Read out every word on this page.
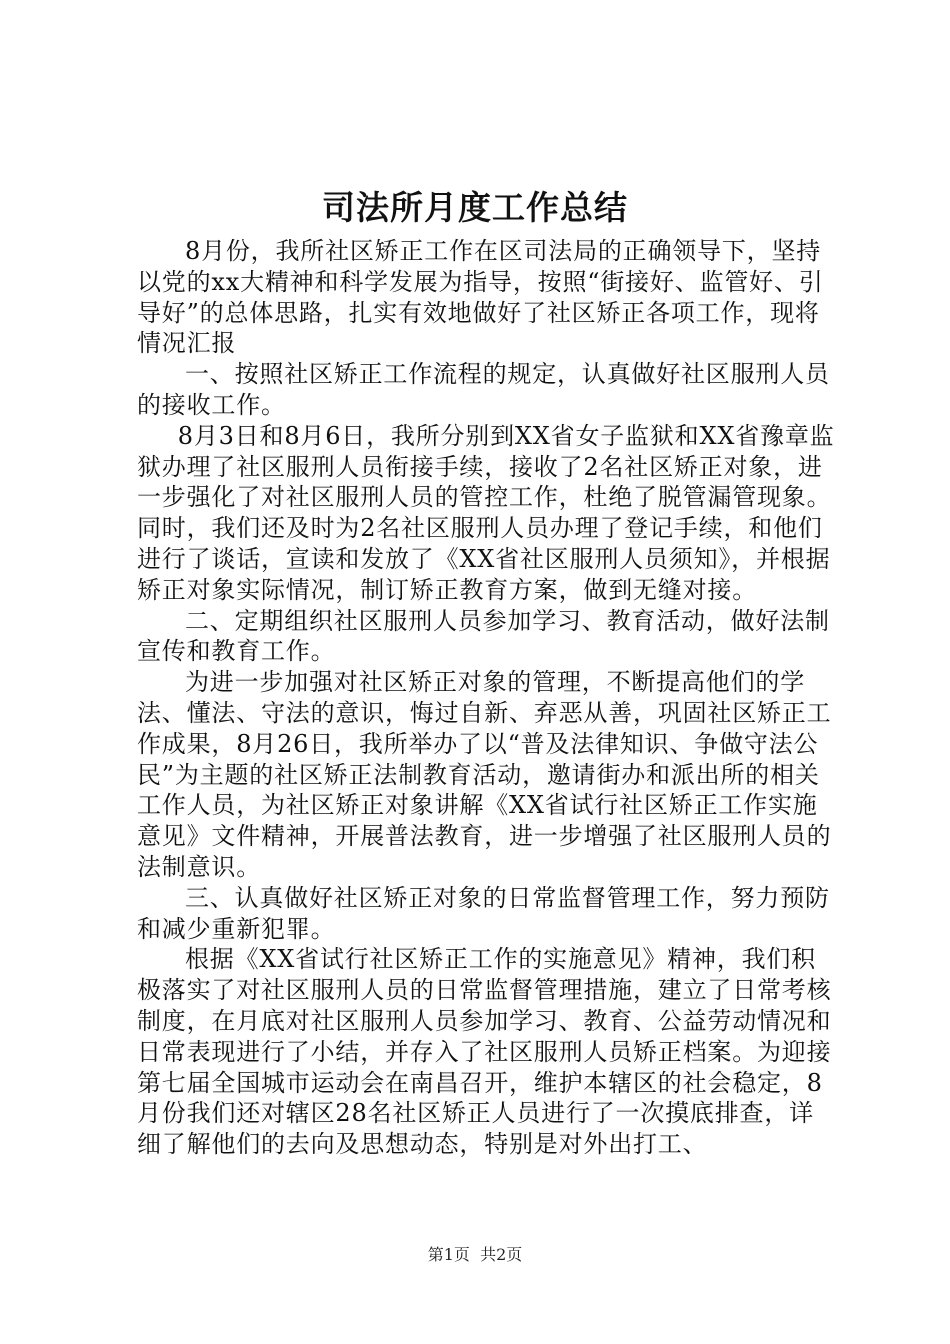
司法所月度工作总结

8月份，我所社区矫正工作在区司法局的正确领导下，坚持以党的xx大精神和科学发展为指导，按照“街接好、监管好、引导好”的总体思路，扎实有效地做好了社区矫正各项工作，现将情况汇报

一、按照社区矫正工作流程的规定，认真做好社区服刑人员的接收工作。

8月3日和8月6日，我所分别到XX省女子监狱和XX省豫章监狱办理了社区服刑人员衔接手续，接收了2名社区矫正对象，进一步强化了对社区服刑人员的管控工作，杜绝了脱管漏管现象。同时，我们还及时为2名社区服刑人员办理了登记手续，和他们进行了谈话，宣读和发放了《XX省社区服刑人员须知》，并根据矫正对象实际情况，制订矫正教育方案，做到无缝对接。

二、定期组织社区服刑人员参加学习、教育活动，做好法制宣传和教育工作。

为进一步加强对社区矫正对象的管理，不断提高他们的学法、懂法、守法的意识，悔过自新、弃恶从善，巩固社区矫正工作成果，8月26日，我所举办了以“普及法律知识、争做守法公民”为主题的社区矫正法制教育活动，邀请街办和派出所的相关工作人员，为社区矫正对象讲解《XX省试行社区矫正工作实施意见》文件精神，开展普法教育，进一步增强了社区服刑人员的法制意识。

三、认真做好社区矫正对象的日常监督管理工作，努力预防和减少重新犯罪。

根据《XX省试行社区矫正工作的实施意见》精神，我们积极落实了对社区服刑人员的日常监督管理措施，建立了日常考核制度，在月底对社区服刑人员参加学习、教育、公益劳动情况和日常表现进行了小结，并存入了社区服刑人员矫正档案。为迎接第七届全国城市运动会在南昌召开，维护本辖区的社会稳定，8月份我们还对辖区28名社区矫正人员进行了一次摸底排查，详细了解他们的去向及思想动态，特别是对外出打工、

第1页  共2页
